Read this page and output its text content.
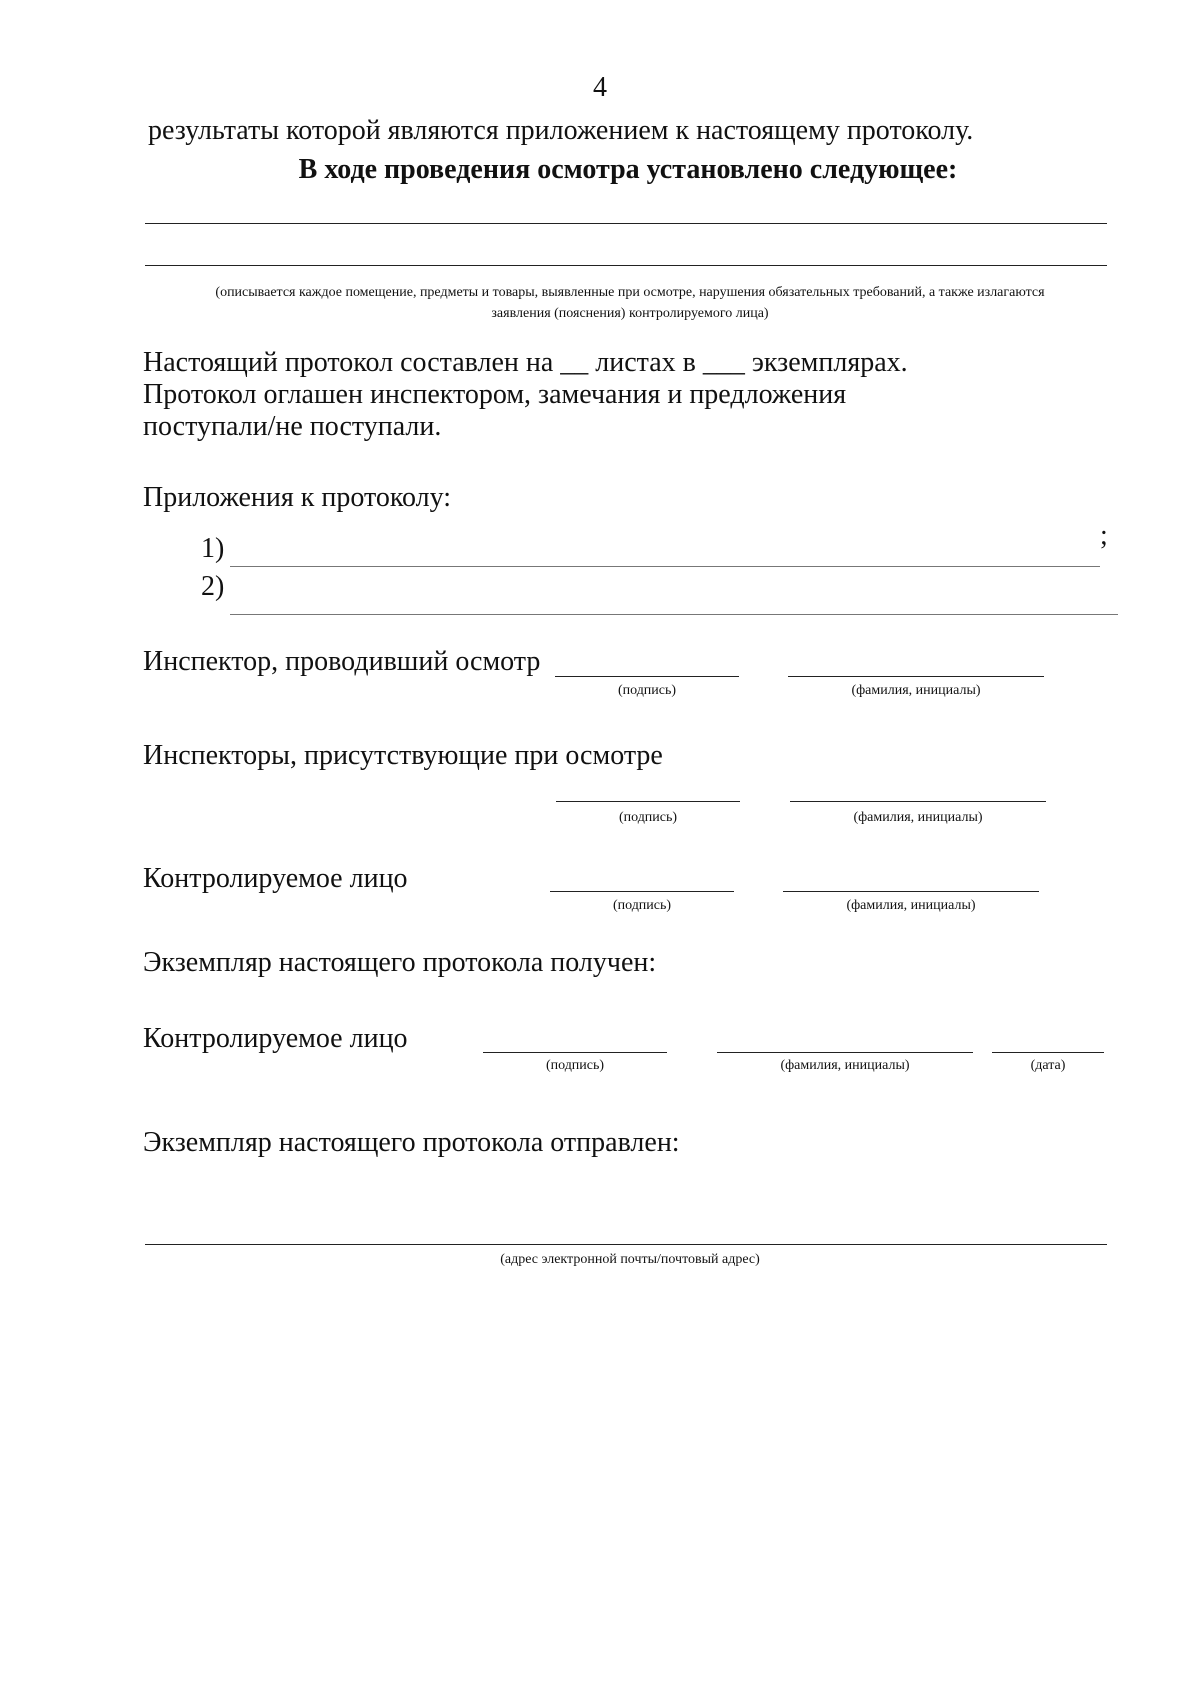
4
результаты которой являются приложением к настоящему протоколу.
В ходе проведения осмотра установлено следующее:
(описывается каждое помещение, предметы и товары, выявленные при осмотре, нарушения обязательных требований, а также излагаются
заявления (пояснения) контролируемого лица)
Настоящий протокол составлен на __ листах в ___ экземплярах.
Протокол оглашен инспектором, замечания и предложения
поступали/не поступали.
Приложения к протоколу:
1)	;
2)
Инспектор, проводивший осмотр
(подпись)	(фамилия, инициалы)
Инспекторы, присутствующие при осмотре
(подпись)	(фамилия, инициалы)
Контролируемое лицо
(подпись)	(фамилия, инициалы)
Экземпляр настоящего протокола получен:
Контролируемое лицо
(подпись)	(фамилия, инициалы)	(дата)
Экземпляр настоящего протокола отправлен:
(адрес электронной почты/почтовый адрес)
